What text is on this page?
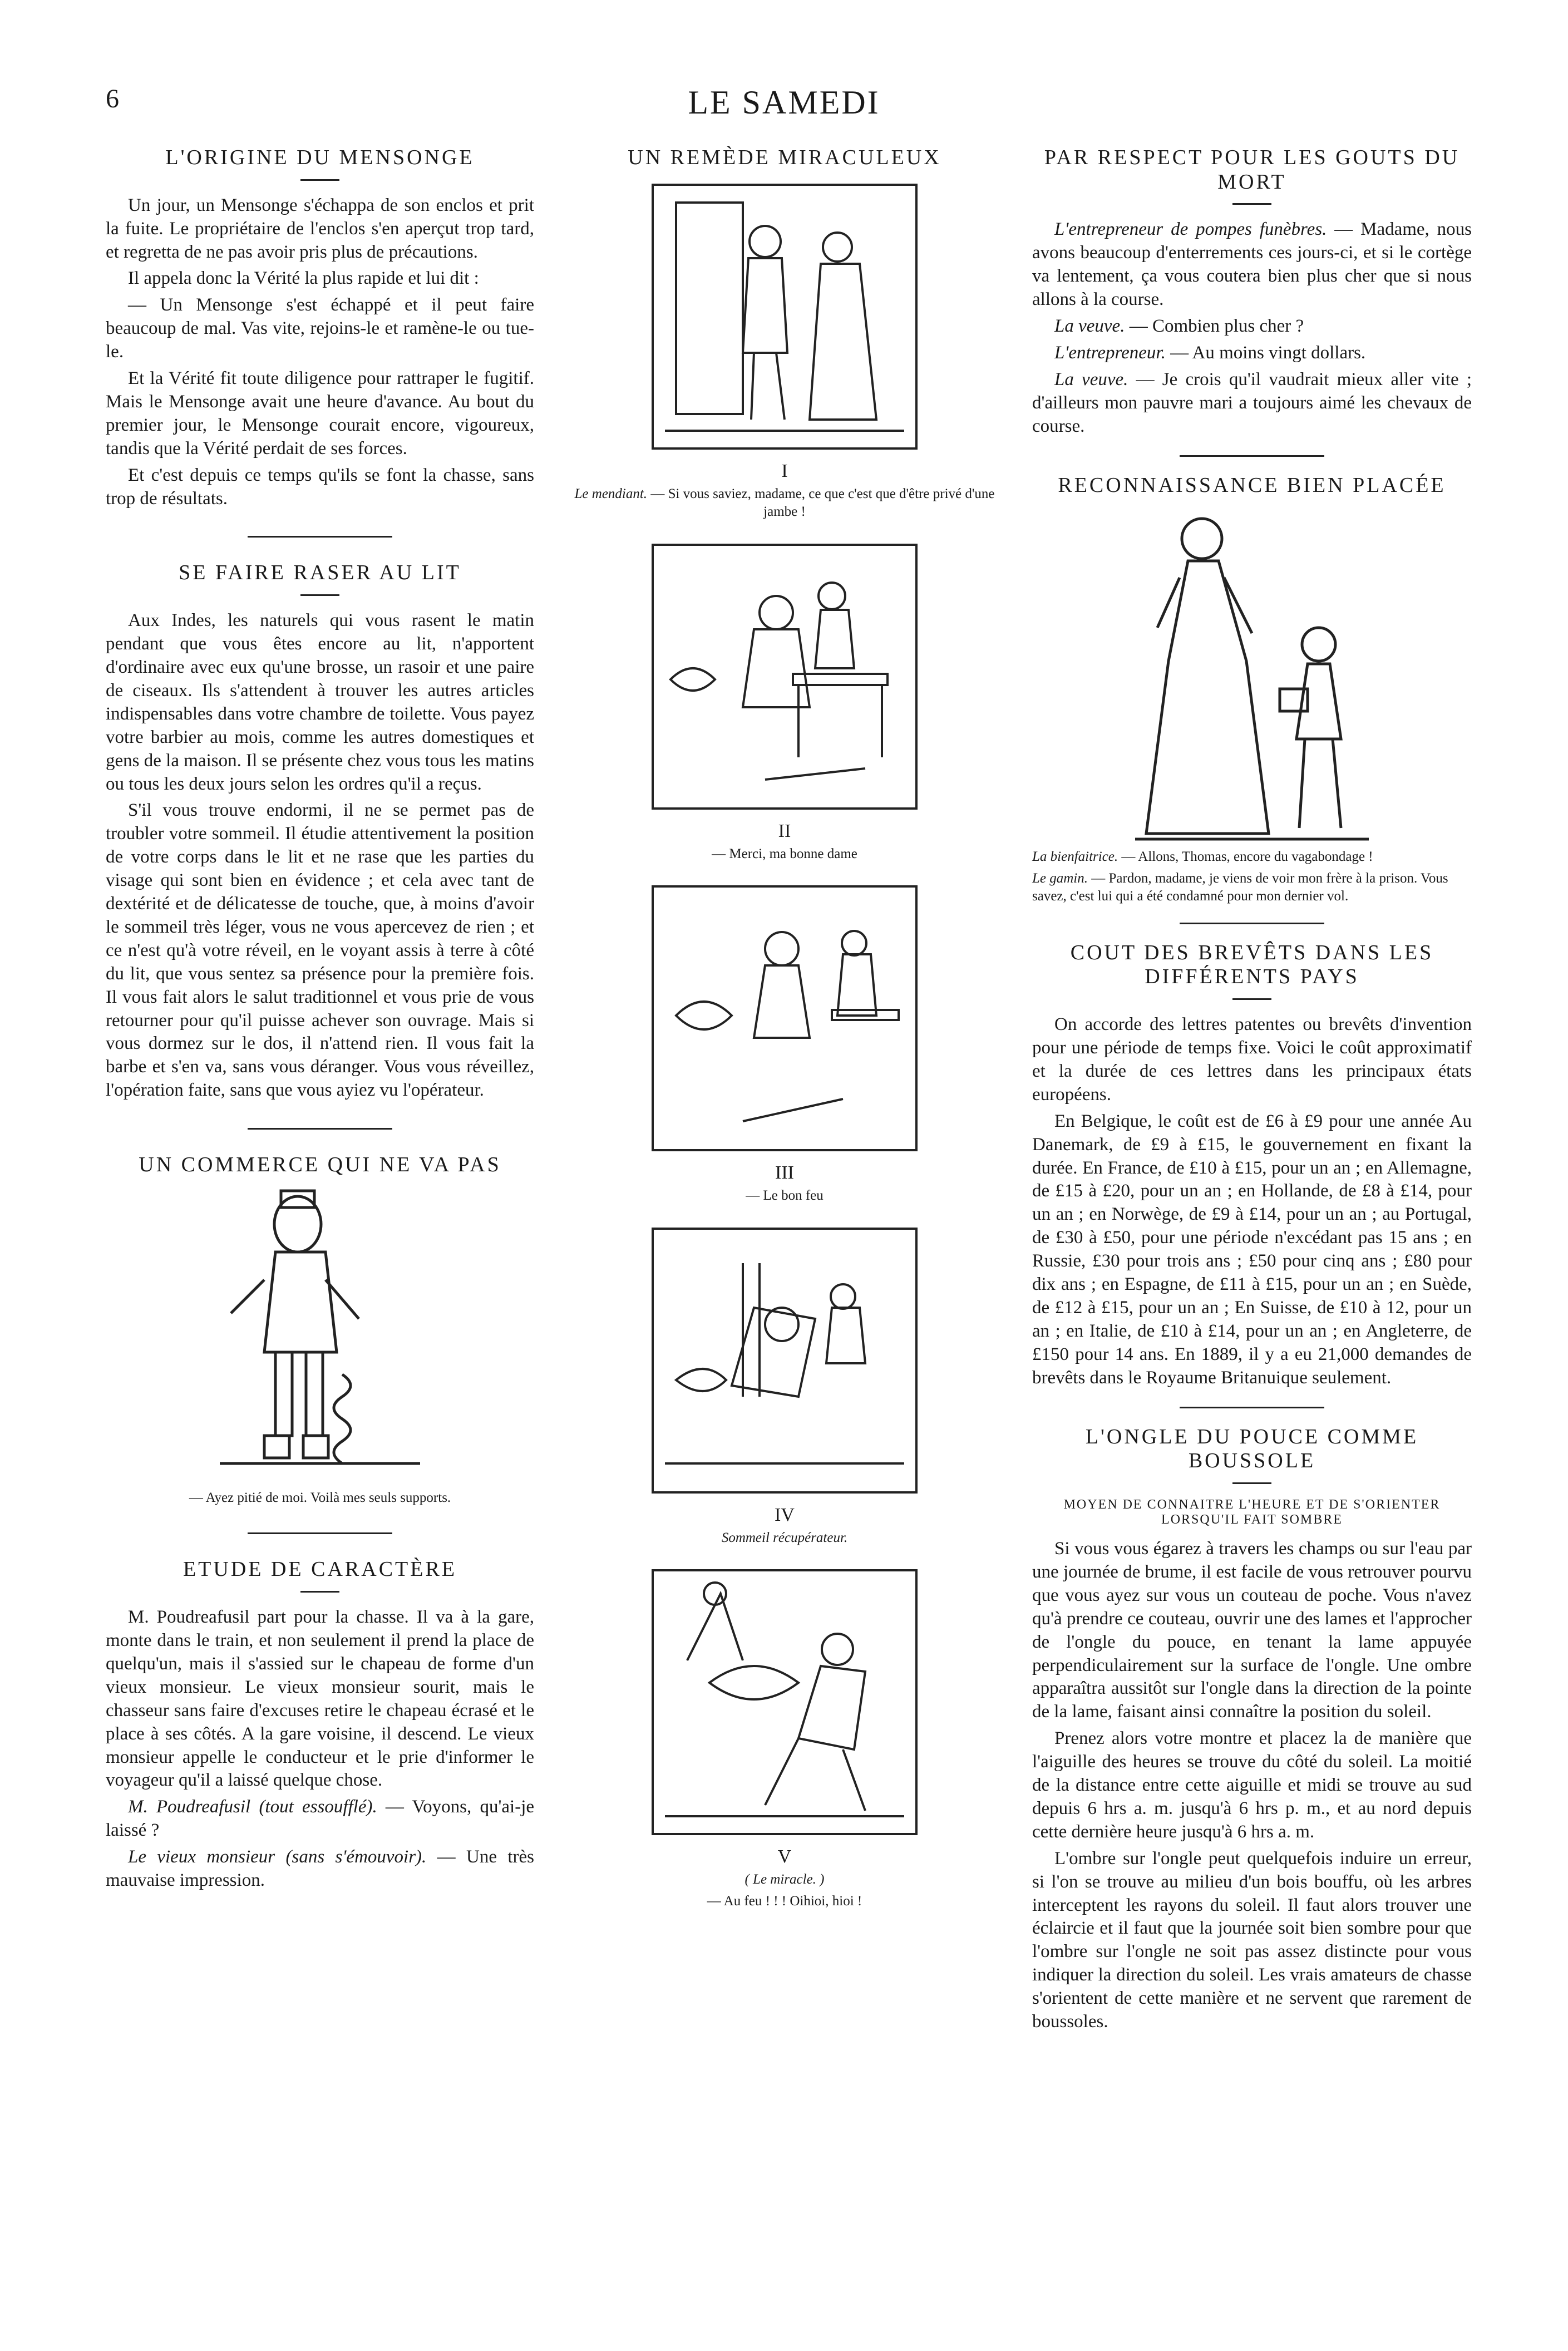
6	LE SAMEDI
L'ORIGINE DU MENSONGE

Un jour, un Mensonge s'échappa de son enclos et prit la fuite. Le propriétaire de l'enclos s'en aperçut trop tard, et regretta de ne pas avoir pris plus de précautions.

Il appela donc la Vérité la plus rapide et lui dit :

— Un Mensonge s'est échappé et il peut faire beaucoup de mal. Vas vite, rejoins-le et ramène-le ou tue-le.

Et la Vérité fit toute diligence pour rattraper le fugitif. Mais le Mensonge avait une heure d'avance. Au bout du premier jour, le Mensonge courait encore, vigoureux, tandis que la Vérité perdait de ses forces.

Et c'est depuis ce temps qu'ils se font la chasse, sans trop de résultats.

SE FAIRE RASER AU LIT

Aux Indes, les naturels qui vous rasent le matin pendant que vous êtes encore au lit, n'apportent d'ordinaire avec eux qu'une brosse, un rasoir et une paire de ciseaux. Ils s'attendent à trouver les autres articles indispensables dans votre chambre de toilette. Vous payez votre barbier au mois, comme les autres domestiques et gens de la maison. Il se présente chez vous tous les matins ou tous les deux jours selon les ordres qu'il a reçus.

S'il vous trouve endormi, il ne se permet pas de troubler votre sommeil. Il étudie attentivement la position de votre corps dans le lit et ne rase que les parties du visage qui sont bien en évidence ; et cela avec tant de dextérité et de délicatesse de touche, que, à moins d'avoir le sommeil très léger, vous ne vous apercevez de rien ; et ce n'est qu'à votre réveil, en le voyant assis à terre à côté du lit, que vous sentez sa présence pour la première fois. Il vous fait alors le salut traditionnel et vous prie de vous retourner pour qu'il puisse achever son ouvrage. Mais si vous dormez sur le dos, il n'attend rien. Il vous fait la barbe et s'en va, sans vous déranger. Vous vous réveillez, l'opération faite, sans que vous ayiez vu l'opérateur.

UN COMMERCE QUI NE VA PAS
— Ayez pitié de moi. Voilà mes seuls supports.
ETUDE DE CARACTÈRE

M. Poudreafusil part pour la chasse. Il va à la gare, monte dans le train, et non seulement il prend la place de quelqu'un, mais il s'assied sur le chapeau de forme d'un vieux monsieur. Le vieux monsieur sourit, mais le chasseur sans faire d'excuses retire le chapeau écrasé et le place à ses côtés. A la gare voisine, il descend. Le vieux monsieur appelle le conducteur et le prie d'informer le voyageur qu'il a laissé quelque chose.

M. Poudreafusil (tout essoufflé). — Voyons, qu'ai-je laissé ?

Le vieux monsieur (sans s'émouvoir). — Une très mauvaise impression.

UN REMÈDE MIRACULEUX
I
Le mendiant. — Si vous saviez, madame, ce que c'est que d'être privé d'une jambe !
II
— Merci, ma bonne dame
III
— Le bon feu
IV
Sommeil récupérateur.
V
( Le miracle. )
— Au feu ! ! ! Oihioi, hioi !
PAR RESPECT POUR LES GOUTS DU MORT

L'entrepreneur de pompes funèbres. — Madame, nous avons beaucoup d'enterrements ces jours-ci, et si le cortège va lentement, ça vous coutera bien plus cher que si nous allons à la course.

La veuve. — Combien plus cher ?

L'entrepreneur. — Au moins vingt dollars.

La veuve. — Je crois qu'il vaudrait mieux aller vite ; d'ailleurs mon pauvre mari a toujours aimé les chevaux de course.

RECONNAISSANCE BIEN PLACÉE
La bienfaitrice. — Allons, Thomas, encore du vagabondage !
Le gamin. — Pardon, madame, je viens de voir mon frère à la prison. Vous savez, c'est lui qui a été condamné pour mon dernier vol.
COUT DES BREVÊTS DANS LES DIFFÉRENTS PAYS

On accorde des lettres patentes ou brevêts d'invention pour une période de temps fixe. Voici le coût approximatif et la durée de ces lettres dans les principaux états européens.

En Belgique, le coût est de £6 à £9 pour une année Au Danemark, de £9 à £15, le gouvernement en fixant la durée. En France, de £10 à £15, pour un an ; en Allemagne, de £15 à £20, pour un an ; en Hollande, de £8 à £14, pour un an ; en Norwège, de £9 à £14, pour un an ; au Portugal, de £30 à £50, pour une période n'excédant pas 15 ans ; en Russie, £30 pour trois ans ; £50 pour cinq ans ; £80 pour dix ans ; en Espagne, de £11 à £15, pour un an ; en Suède, de £12 à £15, pour un an ; En Suisse, de £10 à 12, pour un an ; en Italie, de £10 à £14, pour un an ; en Angleterre, de £150 pour 14 ans. En 1889, il y a eu 21,000 demandes de brevêts dans le Royaume Britanuique seulement.

L'ONGLE DU POUCE COMME BOUSSOLE
MOYEN DE CONNAITRE L'HEURE ET DE S'ORIENTER LORSQU'IL FAIT SOMBRE

Si vous vous égarez à travers les champs ou sur l'eau par une journée de brume, il est facile de vous retrouver pourvu que vous ayez sur vous un couteau de poche. Vous n'avez qu'à prendre ce couteau, ouvrir une des lames et l'approcher de l'ongle du pouce, en tenant la lame appuyée perpendiculairement sur la surface de l'ongle. Une ombre apparaîtra aussitôt sur l'ongle dans la direction de la pointe de la lame, faisant ainsi connaître la position du soleil.

Prenez alors votre montre et placez la de manière que l'aiguille des heures se trouve du côté du soleil. La moitié de la distance entre cette aiguille et midi se trouve au sud depuis 6 hrs a. m. jusqu'à 6 hrs p. m., et au nord depuis cette dernière heure jusqu'à 6 hrs a. m.

L'ombre sur l'ongle peut quelquefois induire un erreur, si l'on se trouve au milieu d'un bois bouffu, où les arbres interceptent les rayons du soleil. Il faut alors trouver une éclaircie et il faut que la journée soit bien sombre pour que l'ombre sur l'ongle ne soit pas assez distincte pour vous indiquer la direction du soleil. Les vrais amateurs de chasse s'orientent de cette manière et ne servent que rarement de boussoles.
